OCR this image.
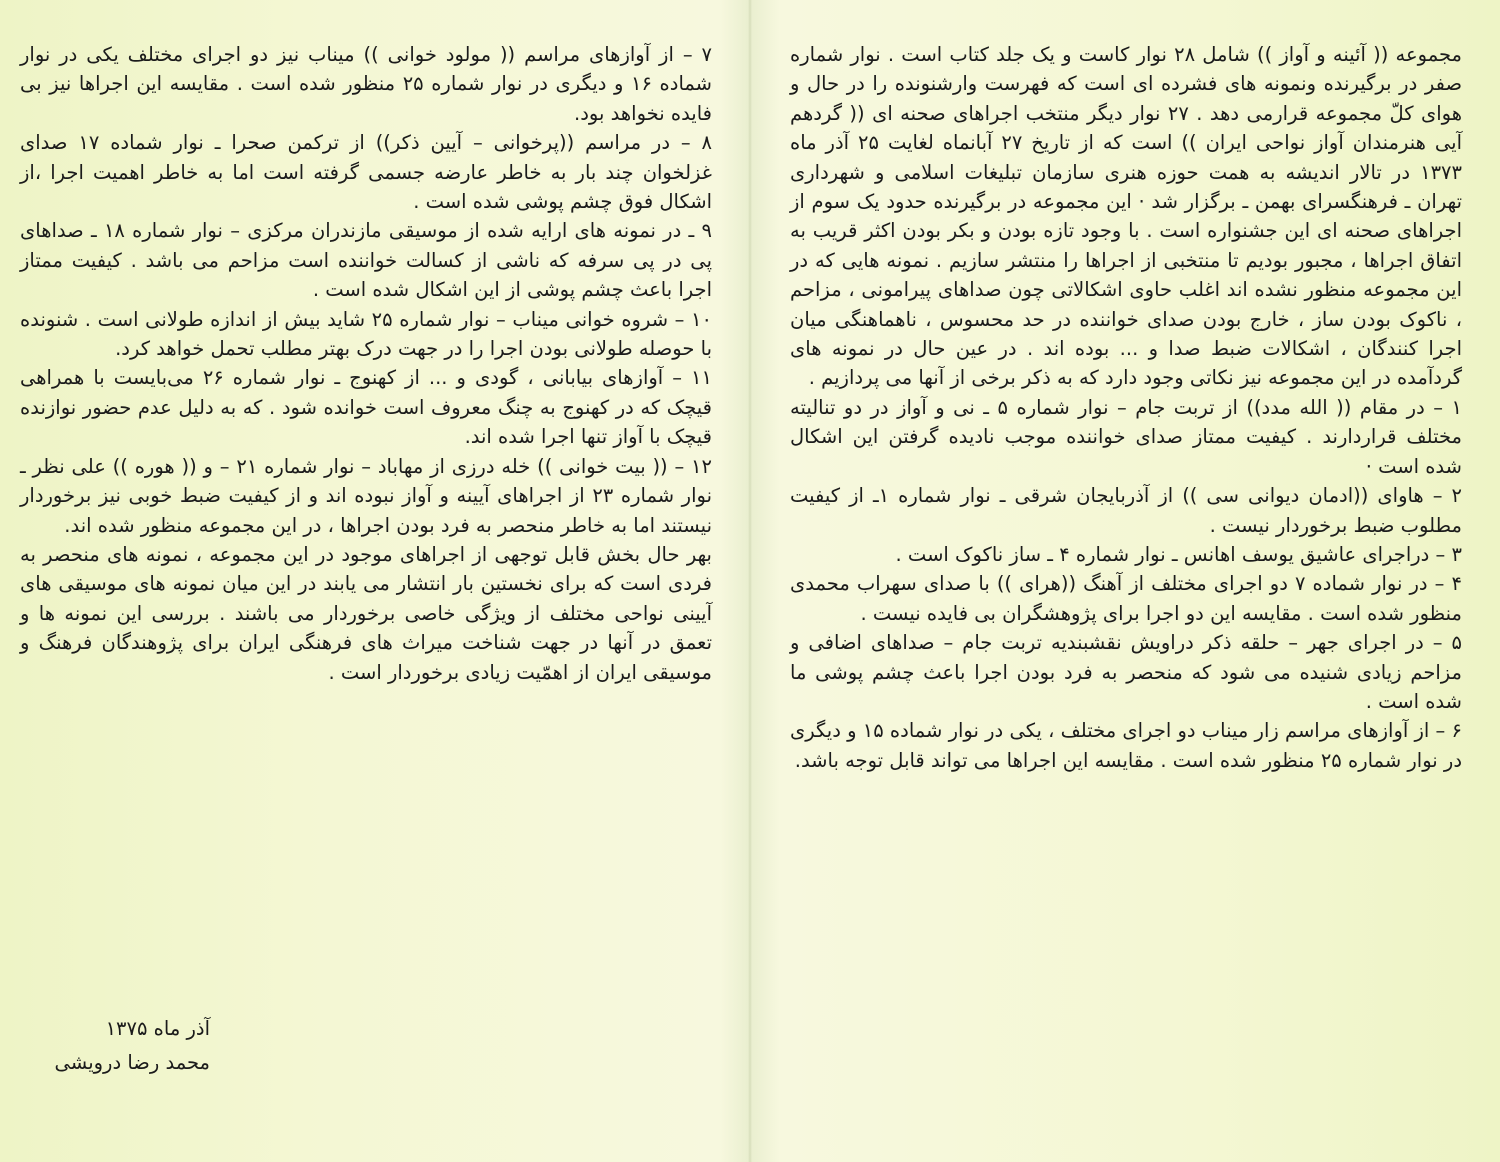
۷ – از آوازهای مراسم (( مولود خوانی )) میناب نیز دو اجرای مختلف یکی در نوار شماده ۱۶ و دیگری در نوار شماره ۲۵ منظور شده است . مقایسه این اجراها نیز بی فایده نخواهد بود.

۸ – در مراسم ((پرخوانی – آیین ذکر)) از ترکمن صحرا ـ نوار شماده ۱۷ صدای غزلخوان چند بار به خاطر عارضه جسمی گرفته است اما به خاطر اهمیت اجرا ،از اشکال فوق چشم پوشی شده است .

۹ ـ در نمونه های ارایه شده از موسیقی مازندران مرکزی – نوار شماره ۱۸ ـ صداهای پی در پی سرفه که ناشی از کسالت خواننده است مزاحم می باشد . کیفیت ممتاز اجرا باعث چشم پوشی از این اشکال شده است .

۱۰ – شروه خوانی میناب – نوار شماره ۲۵ شاید بیش از اندازه طولانی است . شنونده با حوصله طولانی بودن اجرا را در جهت درک بهتر مطلب تحمل خواهد کرد.

۱۱ – آوازهای بیابانی ، گودی و ... از کهنوج ـ نوار شماره ۲۶ می‌بایست با همراهی قیچک که در کهنوج به چنگ معروف است خوانده شود . که به دلیل عدم حضور نوازنده قیچک با آواز تنها اجرا شده اند.

۱۲ – (( بیت خوانی )) خله درزی از مهاباد – نوار شماره ۲۱ – و (( هوره )) علی نظر ـ نوار شماره ۲۳ از اجراهای آیینه و آواز نبوده اند و از کیفیت ضبط خوبی نیز برخوردار نیستند اما به خاطر منحصر به فرد بودن اجراها ، در این مجموعه منظور شده اند.

بهر حال بخش قابل توجهی از اجراهای موجود در این مجموعه ، نمونه های منحصر به فردی است که برای نخستین بار انتشار می یابند در این میان نمونه های موسیقی های آیینی نواحی مختلف از ویژگی خاصی برخوردار می باشند . بررسی این نمونه ها و تعمق در آنها در جهت شناخت میراث های فرهنگی ایران برای پژوهندگان فرهنگ و موسیقی ایران از اهمّیت زیادی برخوردار است .

آذر ماه ۱۳۷۵
محمد رضا درویشی

مجموعه (( آئینه و آواز )) شامل ۲۸ نوار کاست و یک جلد کتاب است . نوار شماره صفر در برگیرنده ونمونه های فشرده ای است که فهرست وارشنونده را در حال و هوای کلّ مجموعه قرارمی دهد . ۲۷ نوار دیگر منتخب اجراهای صحنه ای (( گردهم آیی هنرمندان آواز نواحی ایران )) است که از تاریخ ۲۷ آبانماه لغایت ۲۵ آذر ماه ۱۳۷۳ در تالار اندیشه به همت حوزه هنری سازمان تبلیغات اسلامی و شهرداری تهران ـ فرهنگسرای بهمن ـ برگزار شد · این مجموعه در برگیرنده حدود یک سوم از اجراهای صحنه ای این جشنواره است . با وجود تازه بودن و بکر بودن اکثر قریب به اتفاق اجراها ، مجبور بودیم تا منتخبی از اجراها را منتشر سازیم . نمونه هایی که در این مجموعه منظور نشده اند اغلب حاوی اشکالاتی چون صداهای پیرامونی ، مزاحم ، ناکوک بودن ساز ، خارج بودن صدای خواننده در حد محسوس ، ناهماهنگی میان اجرا کنندگان ، اشکالات ضبط صدا و ... بوده اند . در عین حال در نمونه های گردآمده در این مجموعه نیز نکاتی وجود دارد که به ذکر برخی از آنها می پردازیم .

۱ – در مقام (( الله مدد)) از تربت جام – نوار شماره ۵ ـ نی و آواز در دو تنالیته مختلف قراردارند . کیفیت ممتاز صدای خواننده موجب نادیده گرفتن این اشکال شده است ·

۲ – هاوای ((ادمان دیوانی سی )) از آذربایجان شرقی ـ نوار شماره ۱ـ از کیفیت مطلوب ضبط برخوردار نیست .

۳ – دراجرای عاشیق یوسف اهانس ـ نوار شماره ۴ ـ ساز ناکوک است .

۴ – در نوار شماده ۷ دو اجرای مختلف از آهنگ ((هرای )) با صدای سهراب محمدی منظور شده است . مقایسه این دو اجرا برای پژوهشگران بی فایده نیست .

۵ – در اجرای جهر – حلقه ذکر دراویش نقشبندیه تربت جام – صداهای اضافی و مزاحم زیادی شنیده می شود که منحصر به فرد بودن اجرا باعث چشم پوشی ما شده است .

۶ – از آوازهای مراسم زار میناب دو اجرای مختلف ، یکی در نوار شماده ۱۵ و دیگری در نوار شماره ۲۵ منظور شده است . مقایسه این اجراها می تواند قابل توجه باشد.
